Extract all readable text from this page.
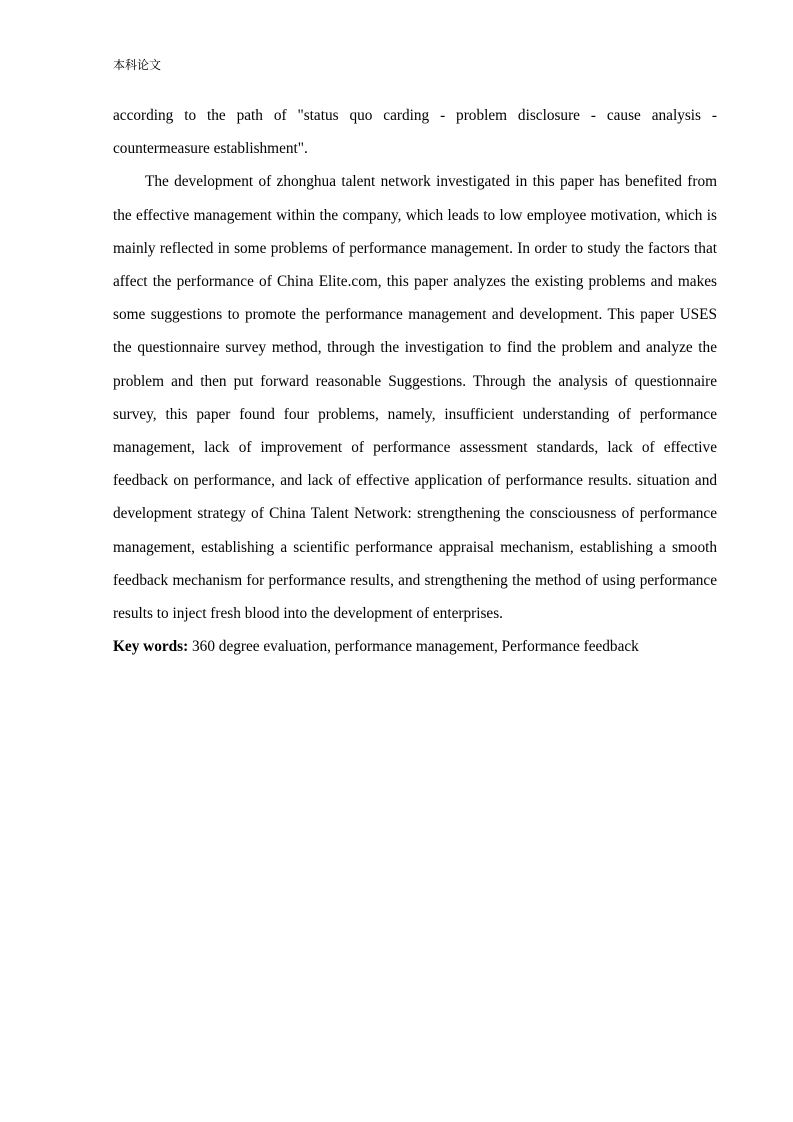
本科论文

according to the path of "status quo carding - problem disclosure - cause analysis - countermeasure establishment".

The development of zhonghua talent network investigated in this paper has benefited from the effective management within the company, which leads to low employee motivation, which is mainly reflected in some problems of performance management. In order to study the factors that affect the performance of China Elite.com, this paper analyzes the existing problems and makes some suggestions to promote the performance management and development. This paper USES the questionnaire survey method, through the investigation to find the problem and analyze the problem and then put forward reasonable Suggestions. Through the analysis of questionnaire survey, this paper found four problems, namely, insufficient understanding of performance management, lack of improvement of performance assessment standards, lack of effective feedback on performance, and lack of effective application of performance results. situation and development strategy of China Talent Network: strengthening the consciousness of performance management, establishing a scientific performance appraisal mechanism, establishing a smooth feedback mechanism for performance results, and strengthening the method of using performance results to inject fresh blood into the development of enterprises.

Key words: 360 degree evaluation, performance management, Performance feedback
